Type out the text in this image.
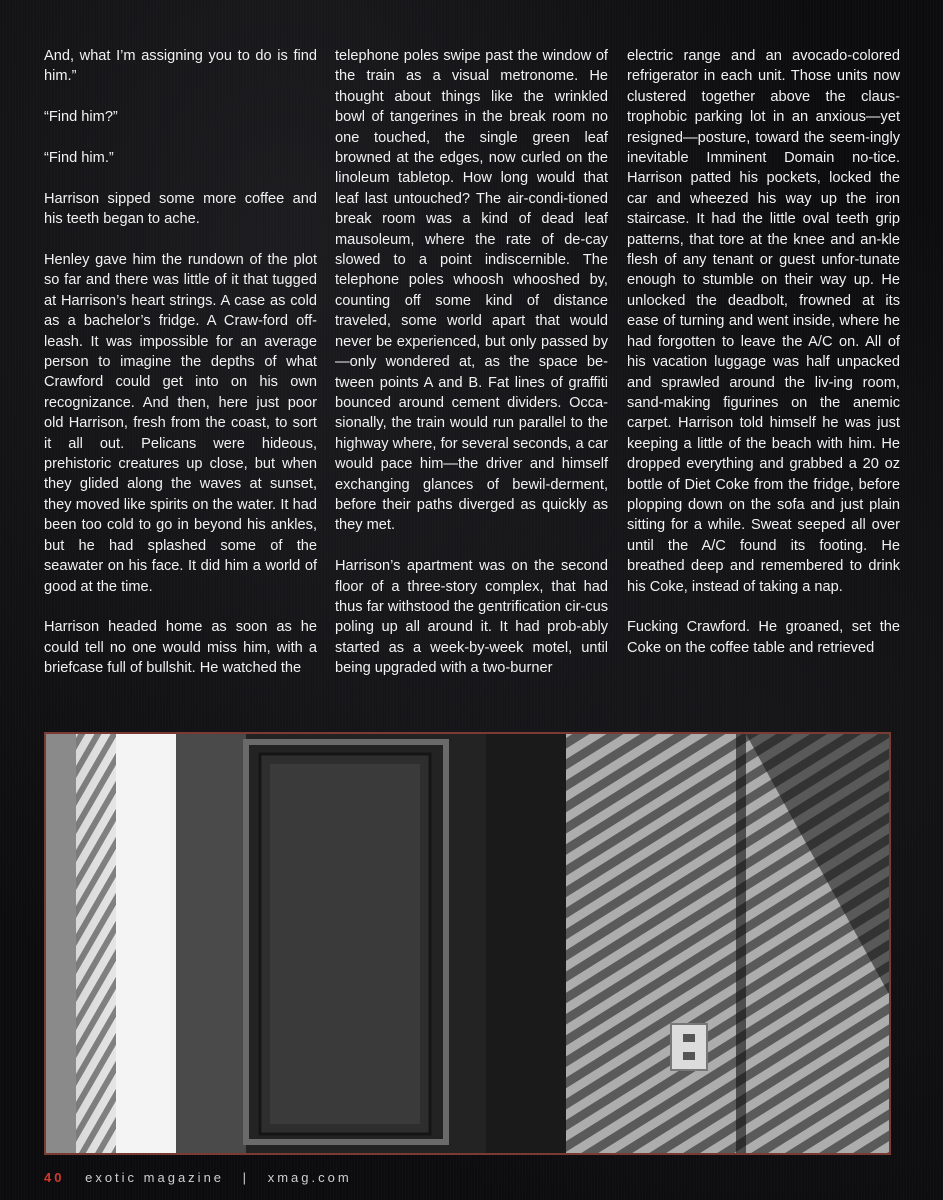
And, what I’m assigning you to do is find him.”

“Find him?”

“Find him.”

Harrison sipped some more coffee and his teeth began to ache.

Henley gave him the rundown of the plot so far and there was little of it that tugged at Harrison’s heart strings. A case as cold as a bachelor’s fridge. A Craw-ford off-leash. It was impossible for an average person to imagine the depths of what Crawford could get into on his own recognizance. And then, here just poor old Harrison, fresh from the coast, to sort it all out. Pelicans were hideous, prehistoric creatures up close, but when they glided along the waves at sunset, they moved like spirits on the water. It had been too cold to go in beyond his ankles, but he had splashed some of the seawater on his face. It did him a world of good at the time.

Harrison headed home as soon as he could tell no one would miss him, with a briefcase full of bullshit. He watched the

telephone poles swipe past the window of the train as a visual metronome. He thought about things like the wrinkled bowl of tangerines in the break room no one touched, the single green leaf browned at the edges, now curled on the linoleum tabletop. How long would that leaf last untouched? The air-condi-tioned break room was a kind of dead leaf mausoleum, where the rate of de-cay slowed to a point indiscernible. The telephone poles whoosh whooshed by, counting off some kind of distance traveled, some world apart that would never be experienced, but only passed by—only wondered at, as the space be-tween points A and B. Fat lines of graffiti bounced around cement dividers. Occa-sionally, the train would run parallel to the highway where, for several seconds, a car would pace him—the driver and himself exchanging glances of bewil-derment, before their paths diverged as quickly as they met.

Harrison’s apartment was on the second floor of a three-story complex, that had thus far withstood the gentrification cir-cus poling up all around it. It had prob-ably started as a week-by-week motel, until being upgraded with a two-burner

electric range and an avocado-colored refrigerator in each unit. Those units now clustered together above the claus-trophobic parking lot in an anxious—yet resigned—posture, toward the seem-ingly inevitable Imminent Domain no-tice. Harrison patted his pockets, locked the car and wheezed his way up the iron staircase. It had the little oval teeth grip patterns, that tore at the knee and an-kle flesh of any tenant or guest unfor-tunate enough to stumble on their way up. He unlocked the deadbolt, frowned at its ease of turning and went inside, where he had forgotten to leave the A/C on. All of his vacation luggage was half unpacked and sprawled around the liv-ing room, sand-making figurines on the anemic carpet. Harrison told himself he was just keeping a little of the beach with him. He dropped everything and grabbed a 20 oz bottle of Diet Coke from the fridge, before plopping down on the sofa and just plain sitting for a while. Sweat seeped all over until the A/C found its footing. He breathed deep and remembered to drink his Coke, instead of taking a nap.

Fucking Crawford. He groaned, set the Coke on the coffee table and retrieved

40 exotic magazine | xmag.com
